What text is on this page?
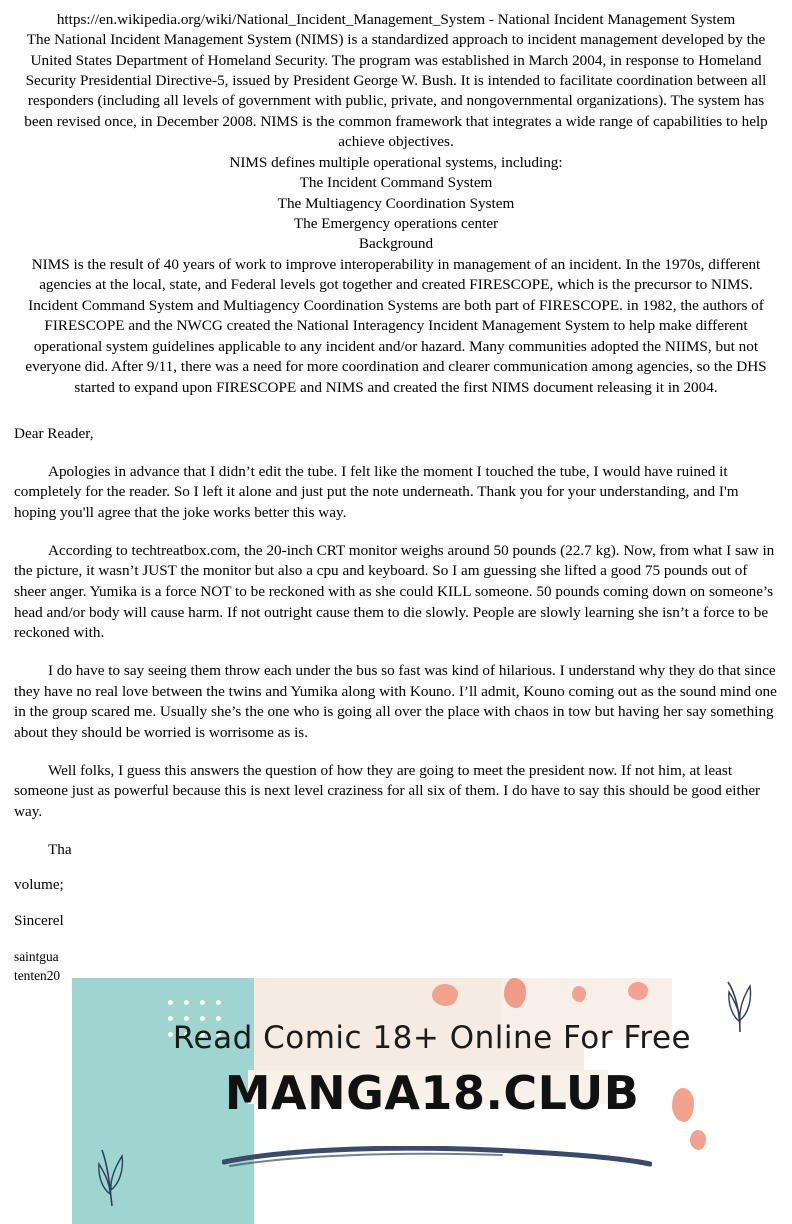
https://en.wikipedia.org/wiki/National_Incident_Management_System - National Incident Management System

The National Incident Management System (NIMS) is a standardized approach to incident management developed by the United States Department of Homeland Security. The program was established in March 2004, in response to Homeland Security Presidential Directive-5, issued by President George W. Bush. It is intended to facilitate coordination between all responders (including all levels of government with public, private, and nongovernmental organizations). The system has been revised once, in December 2008. NIMS is the common framework that integrates a wide range of capabilities to help achieve objectives.

NIMS defines multiple operational systems, including:

The Incident Command System

The Multiagency Coordination System

The Emergency operations center

Background

NIMS is the result of 40 years of work to improve interoperability in management of an incident. In the 1970s, different agencies at the local, state, and Federal levels got together and created FIRESCOPE, which is the precursor to NIMS. Incident Command System and Multiagency Coordination Systems are both part of FIRESCOPE. in 1982, the authors of FIRESCOPE and the NWCG created the National Interagency Incident Management System to help make different operational system guidelines applicable to any incident and/or hazard. Many communities adopted the NIIMS, but not everyone did. After 9/11, there was a need for more coordination and clearer communication among agencies, so the DHS started to expand upon FIRESCOPE and NIMS and created the first NIMS document releasing it in 2004.

Dear Reader,

Apologies in advance that I didn’t edit the tube. I felt like the moment I touched the tube, I would have ruined it completely for the reader. So I left it alone and just put the note underneath. Thank you for your understanding, and I'm hoping you'll agree that the joke works better this way.

According to techtreatbox.com, the 20-inch CRT monitor weighs around 50 pounds (22.7 kg). Now, from what I saw in the picture, it wasn’t JUST the monitor but also a cpu and keyboard. So I am guessing she lifted a good 75 pounds out of sheer anger. Yumika is a force NOT to be reckoned with as she could KILL someone. 50 pounds coming down on someone’s head and/or body will cause harm. If not outright cause them to die slowly. People are slowly learning she isn’t a force to be reckoned with.

I do have to say seeing them throw each under the bus so fast was kind of hilarious. I understand why they do that since they have no real love between the twins and Yumika along with Kouno. I’ll admit, Kouno coming out as the sound mind one in the group scared me. Usually she’s the one who is going all over the place with chaos in tow but having her say something about they should be worried is worrisome as is.

Well folks, I guess this answers the question of how they are going to meet the president now. If not him, at least someone just as powerful because this is next level craziness for all six of them. I do have to say this should be good either way.

Tha

volume;

Sincerel

saintgua
tenten20
Read Comic 18+ Online For Free
MANGA18.CLUB
